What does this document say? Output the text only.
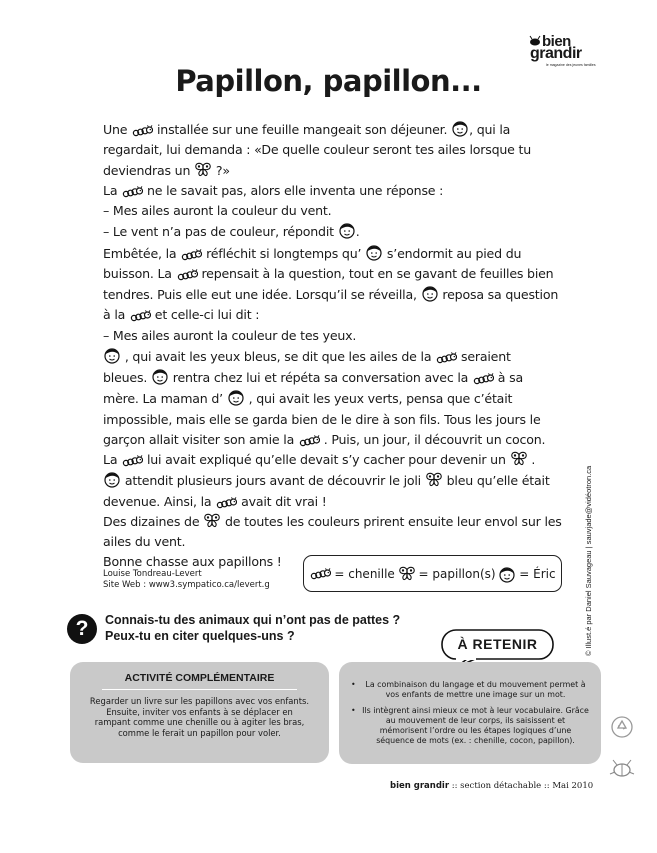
bien
grandir
le magazine des jeunes familles
Papillon, papillon...

Une installée sur une feuille mangeait son déjeuner. , qui la

regardait, lui demanda : «De quelle couleur seront tes ailes lorsque tu

deviendras un ?»

La ne le savait pas, alors elle inventa une réponse :

– Mes ailes auront la couleur du vent.

– Le vent n’a pas de couleur, répondit .

Embêtée, la réfléchit si longtemps qu’ s’endormit au pied du

buisson. La repensait à la question, tout en se gavant de feuilles bien

tendres. Puis elle eut une idée. Lorsqu’il se réveilla, reposa sa question

à la et celle-ci lui dit :

– Mes ailes auront la couleur de tes yeux.

, qui avait les yeux bleus, se dit que les ailes de la seraient

bleues. rentra chez lui et répéta sa conversation avec la à sa

mère. La maman d’ , qui avait les yeux verts, pensa que c’était

impossible, mais elle se garda bien de le dire à son fils. Tous les jours le

garçon allait visiter son amie la . Puis, un jour, il découvrit un cocon.

La lui avait expliqué qu’elle devait s’y cacher pour devenir un .

attendit plusieurs jours avant de découvrir le joli bleu qu’elle était

devenue. Ainsi, la avait dit vrai !

Des dizaines de de toutes les couleurs prirent ensuite leur envol sur les

ailes du vent.

Bonne chasse aux papillons !

Louise Tondreau-Levert
Site Web : www3.sympatico.ca/levert.g
= chenille = papillon(s) = Éric	© Illust.é par Daniel Sauvageau | sauvjade@vidéotron.ca
?	Connais-tu des animaux qui n’ont pas de pattes ?
Peux-tu en citer quelques-uns ?	À RETENIR
ACTIVITÉ COMPLÉMENTAIRE
Regarder un livre sur les papillons avec vos enfants. Ensuite, inviter vos enfants à se déplacer en rampant comme une chenille ou à agiter les bras, comme le ferait un papillon pour voler.
• La combinaison du langage et du mouvement permet à vos enfants de mettre une image sur un mot.
• Ils intègrent ainsi mieux ce mot à leur vocabulaire. Grâce au mouvement de leur corps, ils saisissent et mémorisent l’ordre ou les étapes logiques d’une séquence de mots (ex. : chenille, cocon, papillon).
bien grandir :: section détachable :: Mai 2010
